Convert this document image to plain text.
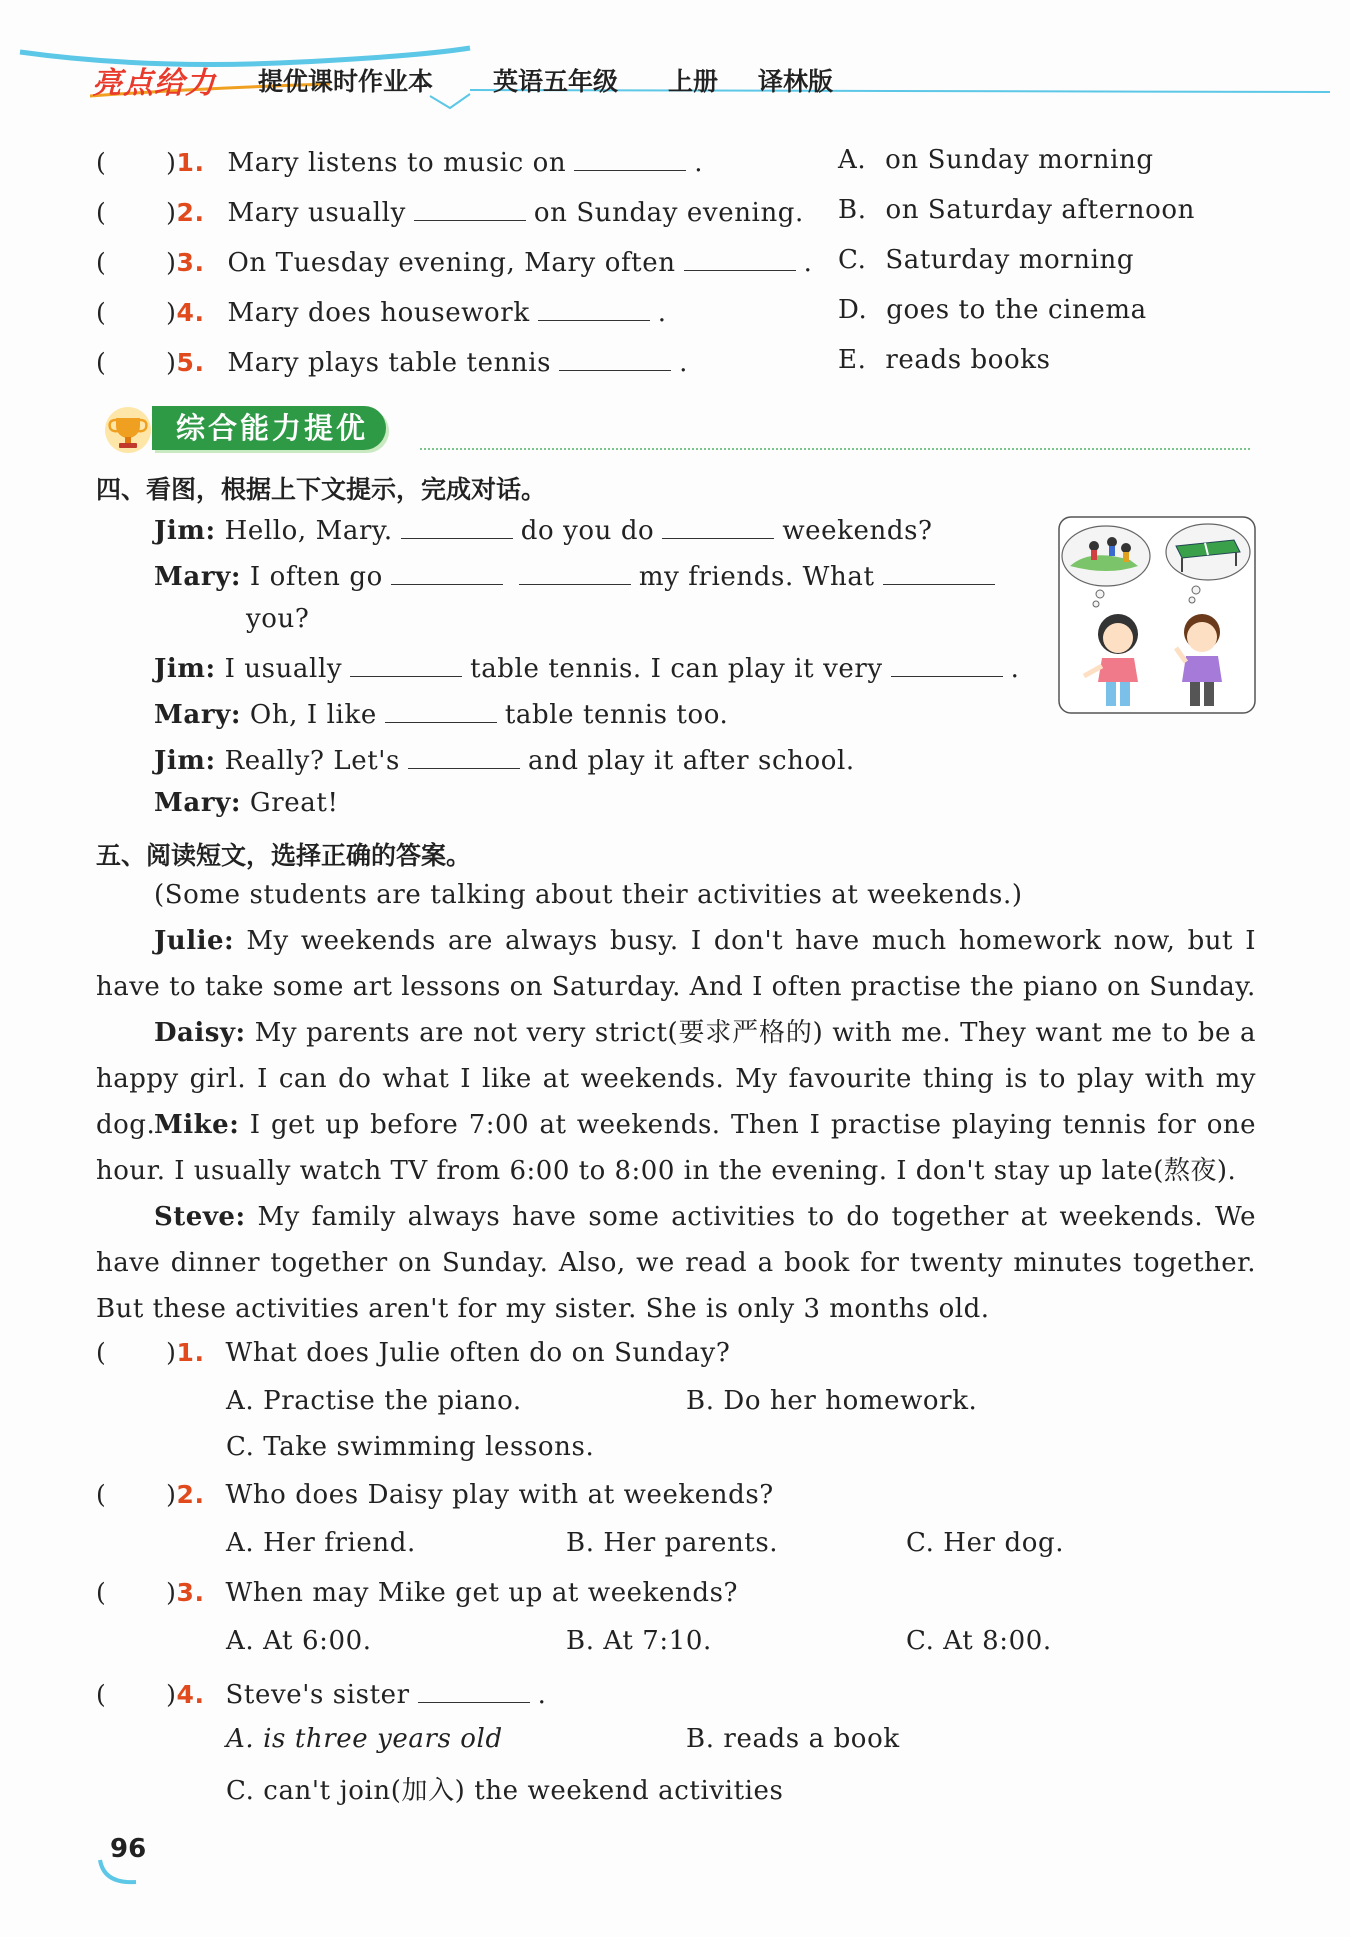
亮点给力 提优课时作业本 英语五年级 上册 译林版
(       )1. Mary listens to music on	.
(       )2. Mary usually	on Sunday evening.
(       )3. On Tuesday evening, Mary often	.
(       )4. Mary does housework	.
(       )5. Mary plays table tennis	.
A. on Sunday morning
B. on Saturday afternoon
C. Saturday morning
D. goes to the cinema
E. reads books
综合能力提优
四、看图，根据上下文提示，完成对话。
Jim: Hello, Mary.	do you do	weekends?
Mary: I often go	my friends. What
you?
Jim: I usually	table tennis. I can play it very	.
Mary: Oh, I like	table tennis too.
Jim: Really? Let's	and play it after school.
Mary: Great!
五、阅读短文，选择正确的答案。
(Some students are talking about their activities at weekends.)
Julie: My weekends are always busy. I don't have much homework now, but I have to take some art lessons on Saturday. And I often practise the piano on Sunday.
Daisy: My parents are not very strict(要求严格的) with me. They want me to be a happy girl. I can do what I like at weekends. My favourite thing is to play with my dog.
Mike: I get up before 7:00 at weekends. Then I practise playing tennis for one hour. I usually watch TV from 6:00 to 8:00 in the evening. I don't stay up late(熬夜).
Steve: My family always have some activities to do together at weekends. We have dinner together on Sunday. Also, we read a book for twenty minutes together. But these activities aren't for my sister. She is only 3 months old.
(       )1. What does Julie often do on Sunday?
A. Practise the piano.	B. Do her homework.
C. Take swimming lessons.
(       )2. Who does Daisy play with at weekends?
A. Her friend.	B. Her parents.	C. Her dog.
(       )3. When may Mike get up at weekends?
A. At 6:00.	B. At 7:10.	C. At 8:00.
(       )4. Steve's sister	.
A. is three years old	B. reads a book
C. can't join(加入) the weekend activities
96
